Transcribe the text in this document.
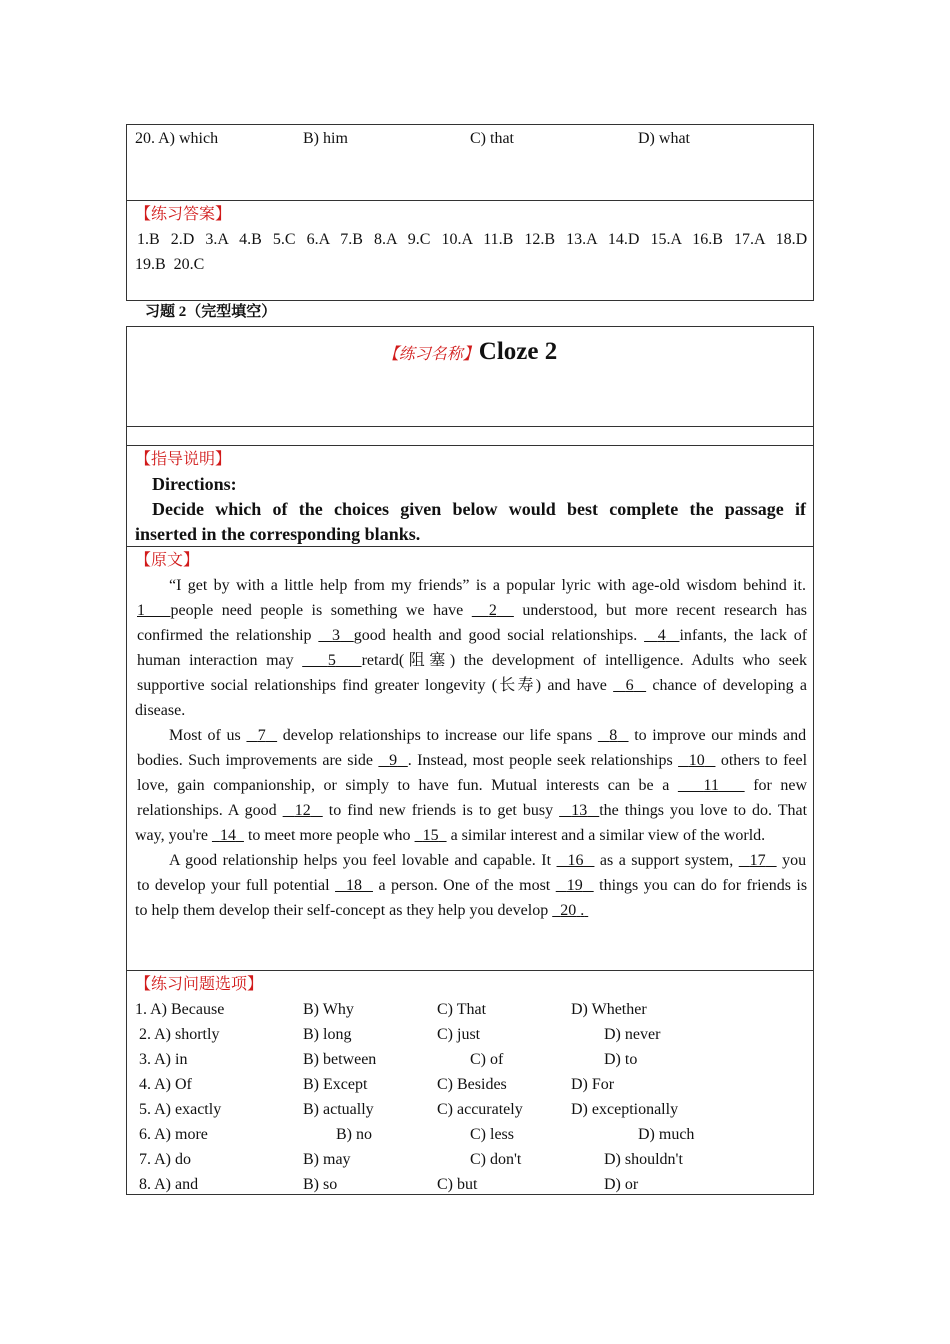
20. A) which	B) him	C) that	D) what
【练习答案】
1.B 2.D 3.A 4.B 5.C 6.A 7.B 8.A 9.C 10.A 11.B 12.B 13.A 14.D 15.A 16.B 17.A 18.D
19.B  20.C
习题 2（完型填空）
【练习名称】Cloze 2
【指导说明】
Directions:
Decide which of the choices given below would best complete the passage if
inserted in the corresponding blanks.
【原文】
“I get by with a little help from my friends” is a popular lyric with age-old wisdom behind it.
1 people need people is something we have 2 understood, but more recent research has
confirmed the relationship 3 good health and good social relationships. 4 infants, the lack of
human interaction may 5 retard(阻塞) the development of intelligence. Adults who seek
supportive social relationships find greater longevity (长寿) and have 6 chance of developing a
disease.
Most of us 7 develop relationships to increase our life spans 8 to improve our minds and
bodies. Such improvements are side 9 . Instead, most people seek relationships 10 others to feel
love, gain companionship, or simply to have fun. Mutual interests can be a 11 for new
relationships. A good 12 to find new friends is to get busy 13 the things you love to do. That
way, you're 14 to meet more people who 15 a similar interest and a similar view of the world.
A good relationship helps you feel lovable and capable. It 16 as a support system, 17 you
to develop your full potential 18 a person. One of the most 19 things you can do for friends is
to help them develop their self-concept as they help you develop 20 .
【练习问题选项】
1. A) Because	B) Why	C) That	D) Whether
2. A) shortly	B) long	C) just	D) never
3. A) in	B) between	C) of	D) to
4. A) Of	B) Except	C) Besides	D) For
5. A) exactly	B) actually	C) accurately	D) exceptionally
6. A) more	B) no	C) less	D) much
7. A) do	B) may	C) don't	D) shouldn't
8. A) and	B) so	C) but	D) or
